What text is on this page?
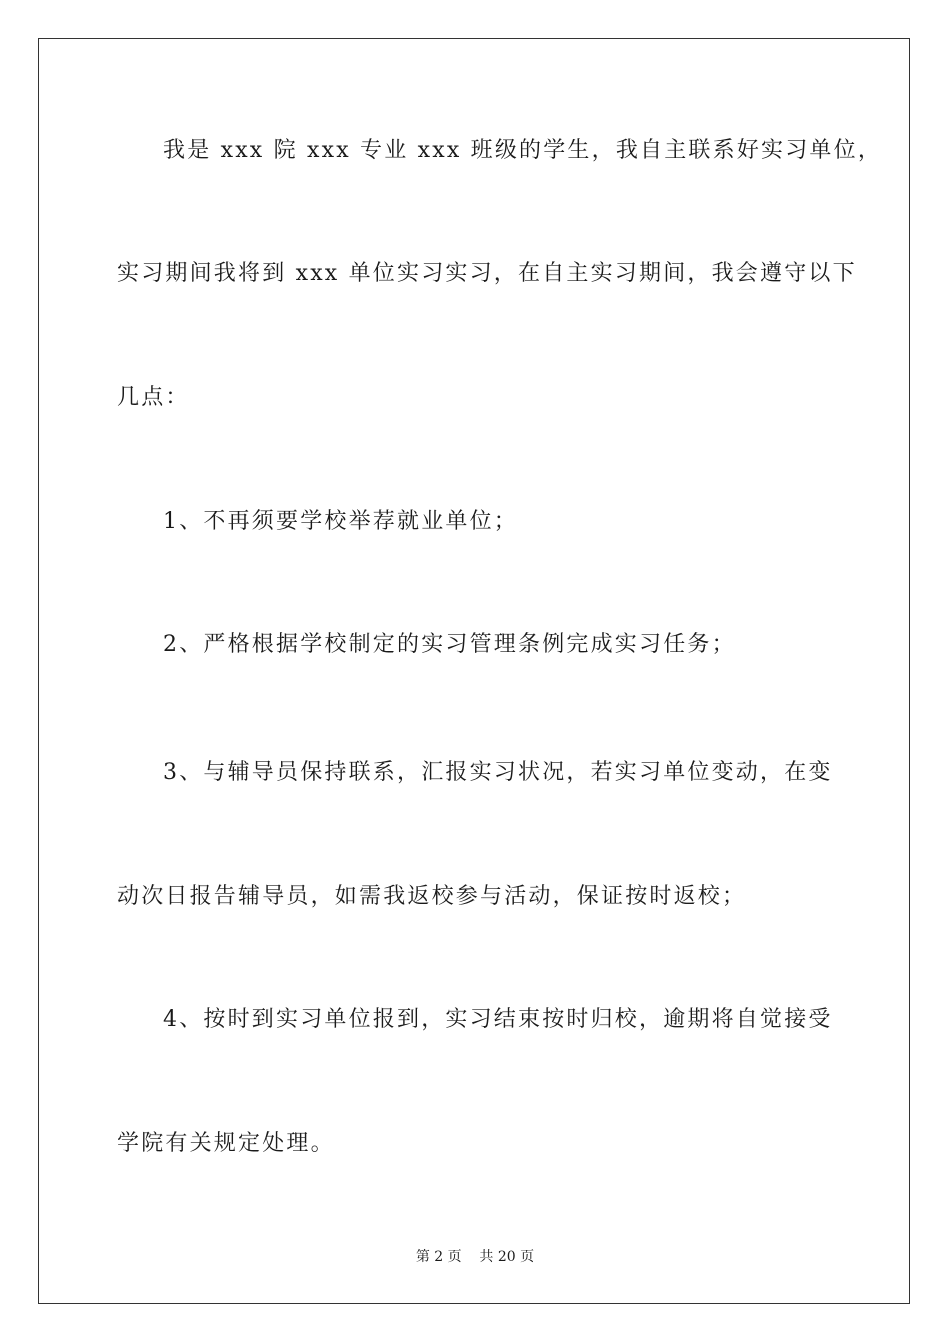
我是 xxx 院 xxx 专业 xxx 班级的学生，我自主联系好实习单位，
实习期间我将到 xxx 单位实习实习，在自主实习期间，我会遵守以下
几点：
1、不再须要学校举荐就业单位；
2、严格根据学校制定的实习管理条例完成实习任务；
3、与辅导员保持联系，汇报实习状况，若实习单位变动，在变
动次日报告辅导员，如需我返校参与活动，保证按时返校；
4、按时到实习单位报到，实习结束按时归校，逾期将自觉接受
学院有关规定处理。
第 2 页    共 20 页
